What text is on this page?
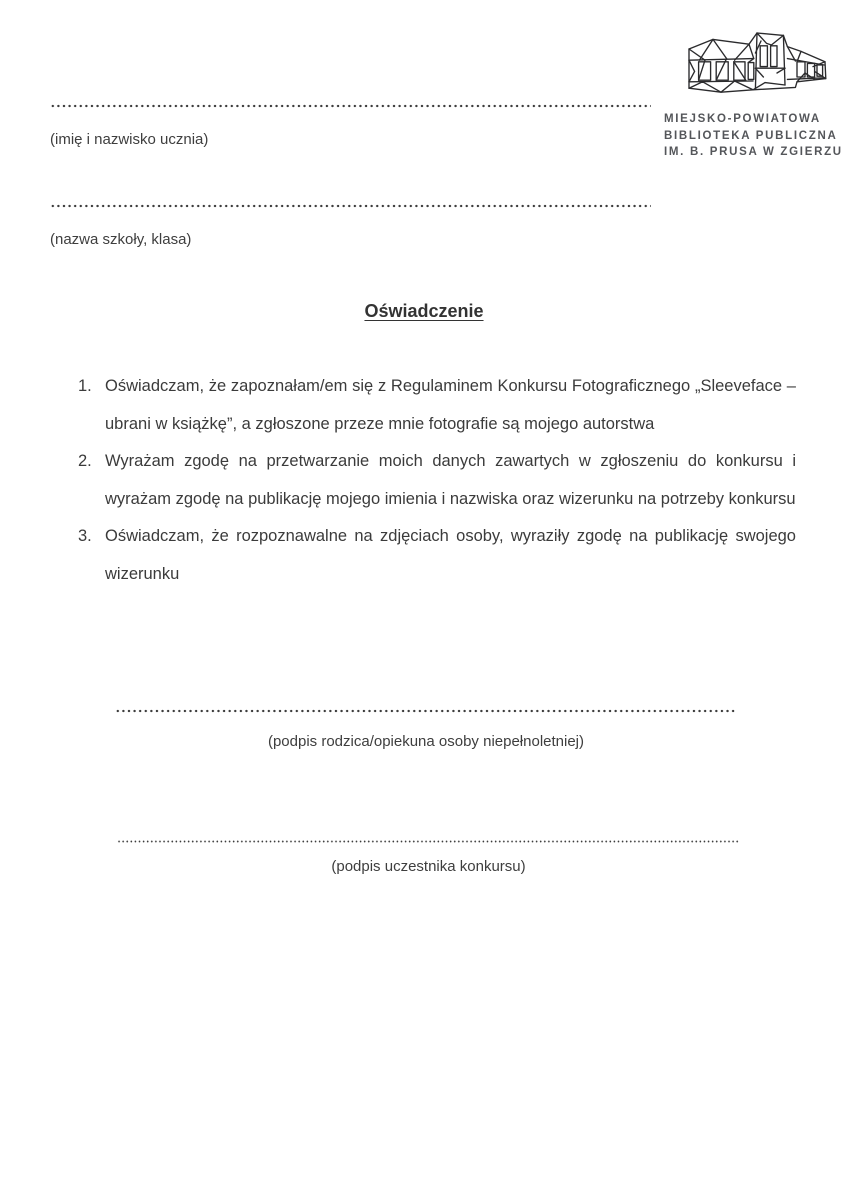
MIEJSKO-POWIATOWA
BIBLIOTEKA PUBLICZNA
IM. B. PRUSA W ZGIERZU
(imię i nazwisko ucznia)
(nazwa szkoły, klasa)
Oświadczenie
1. Oświadczam, że zapoznałam/em się z Regulaminem Konkursu Fotograficznego „Sleeveface – ubrani w książkę”, a zgłoszone przeze mnie fotografie są mojego autorstwa
2. Wyrażam zgodę na przetwarzanie moich danych zawartych w zgłoszeniu do konkursu i wyrażam zgodę na publikację mojego imienia i nazwiska oraz wizerunku na potrzeby konkursu
3. Oświadczam, że rozpoznawalne na zdjęciach osoby, wyraziły zgodę na publikację swojego wizerunku
(podpis rodzica/opiekuna osoby niepełnoletniej)
(podpis uczestnika konkursu)
